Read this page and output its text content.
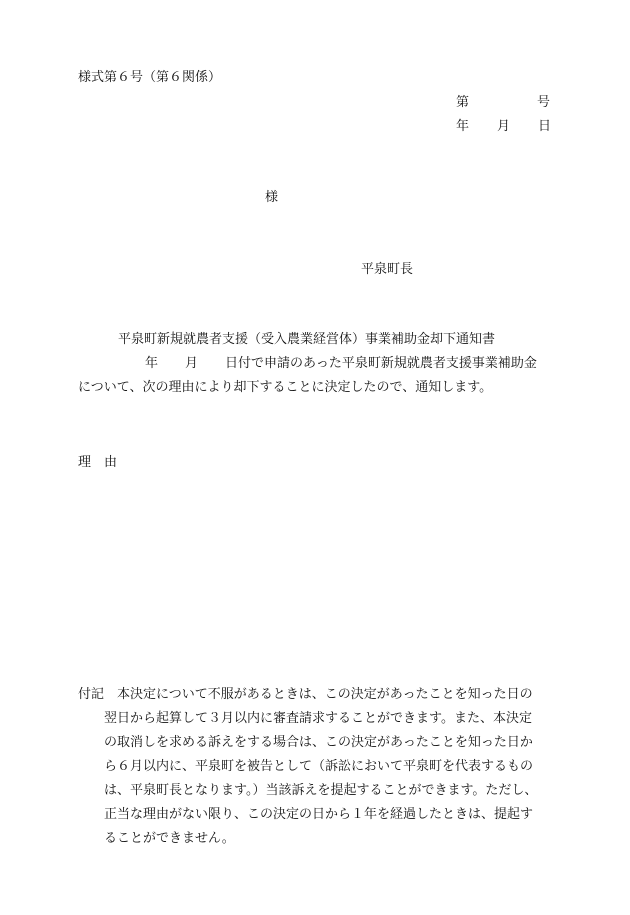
様式第６号（第６関係）
第	号
年 月 日
様
平泉町長
平泉町新規就農者支援（受入農業経営体）事業補助金却下通知書
年 月 日付で申請のあった平泉町新規就農者支援事業補助金
について、次の理由により却下することに決定したので、通知します。
理 由
付記 本決定について不服があるときは、この決定があったことを知った日の
翌日から起算して３月以内に審査請求することができます。また、本決定
の取消しを求める訴えをする場合は、この決定があったことを知った日か
ら６月以内に、平泉町を被告として（訴訟において平泉町を代表するもの
は、平泉町長となります。）当該訴えを提起することができます。ただし、
正当な理由がない限り、この決定の日から１年を経過したときは、提起す
ることができません。
